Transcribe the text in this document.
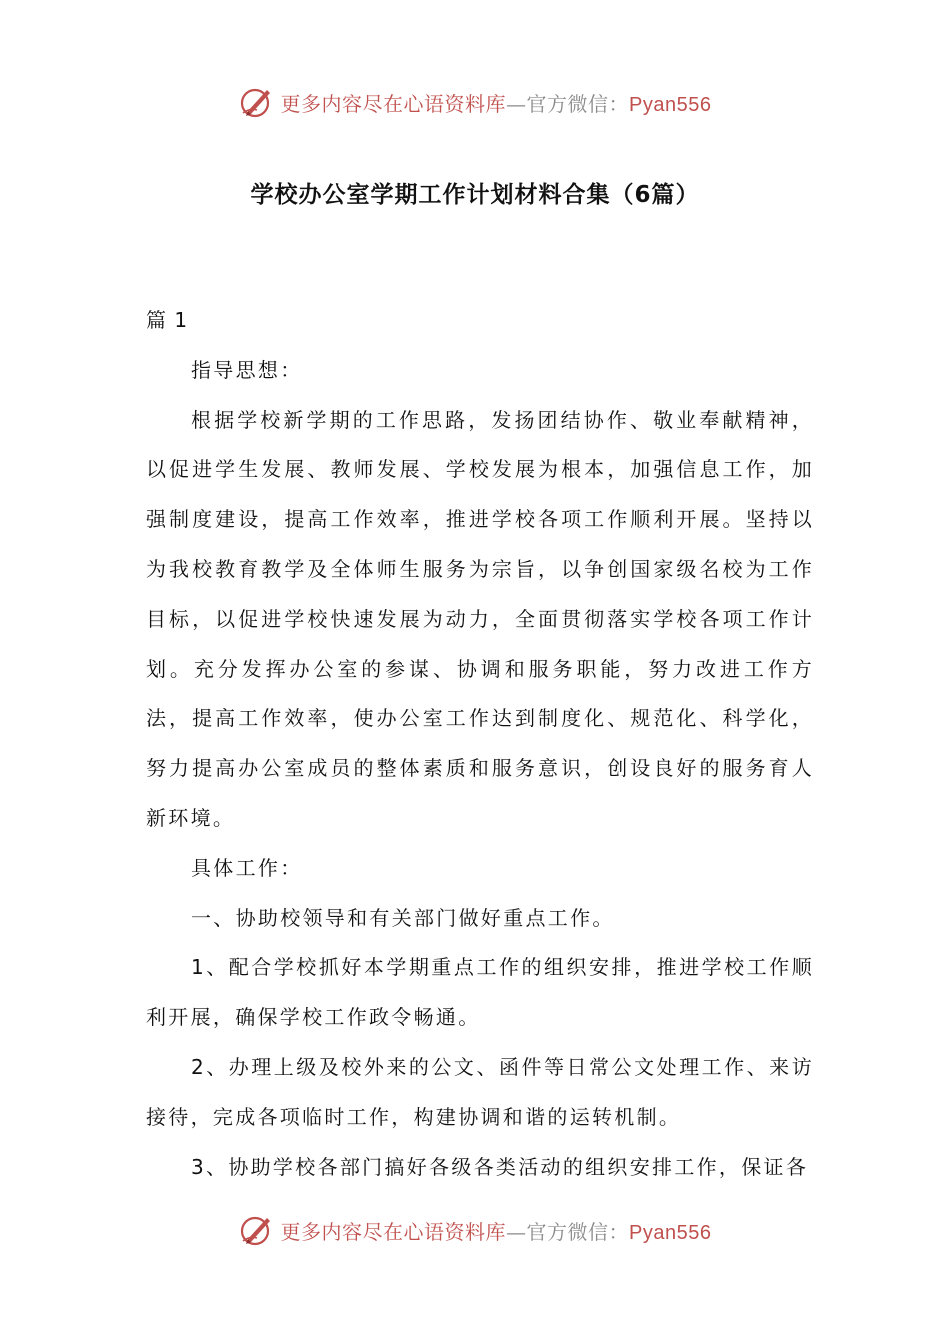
更多内容尽在心语资料库—官方微信：Pyan556
学校办公室学期工作计划材料合集（6篇）

篇 1

指导思想：

根据学校新学期的工作思路，发扬团结协作、敬业奉献精神，以促进学生发展、教师发展、学校发展为根本，加强信息工作，加强制度建设，提高工作效率，推进学校各项工作顺利开展。坚持以为我校教育教学及全体师生服务为宗旨，以争创国家级名校为工作目标，以促进学校快速发展为动力，全面贯彻落实学校各项工作计划。充分发挥办公室的参谋、协调和服务职能，努力改进工作方法，提高工作效率，使办公室工作达到制度化、规范化、科学化，努力提高办公室成员的整体素质和服务意识，创设良好的服务育人新环境。

具体工作：

一、协助校领导和有关部门做好重点工作。

1、配合学校抓好本学期重点工作的组织安排，推进学校工作顺利开展，确保学校工作政令畅通。

2、办理上级及校外来的公文、函件等日常公文处理工作、来访接待，完成各项临时工作，构建协调和谐的运转机制。

3、协助学校各部门搞好各级各类活动的组织安排工作，保证各

更多内容尽在心语资料库—官方微信：Pyan556
